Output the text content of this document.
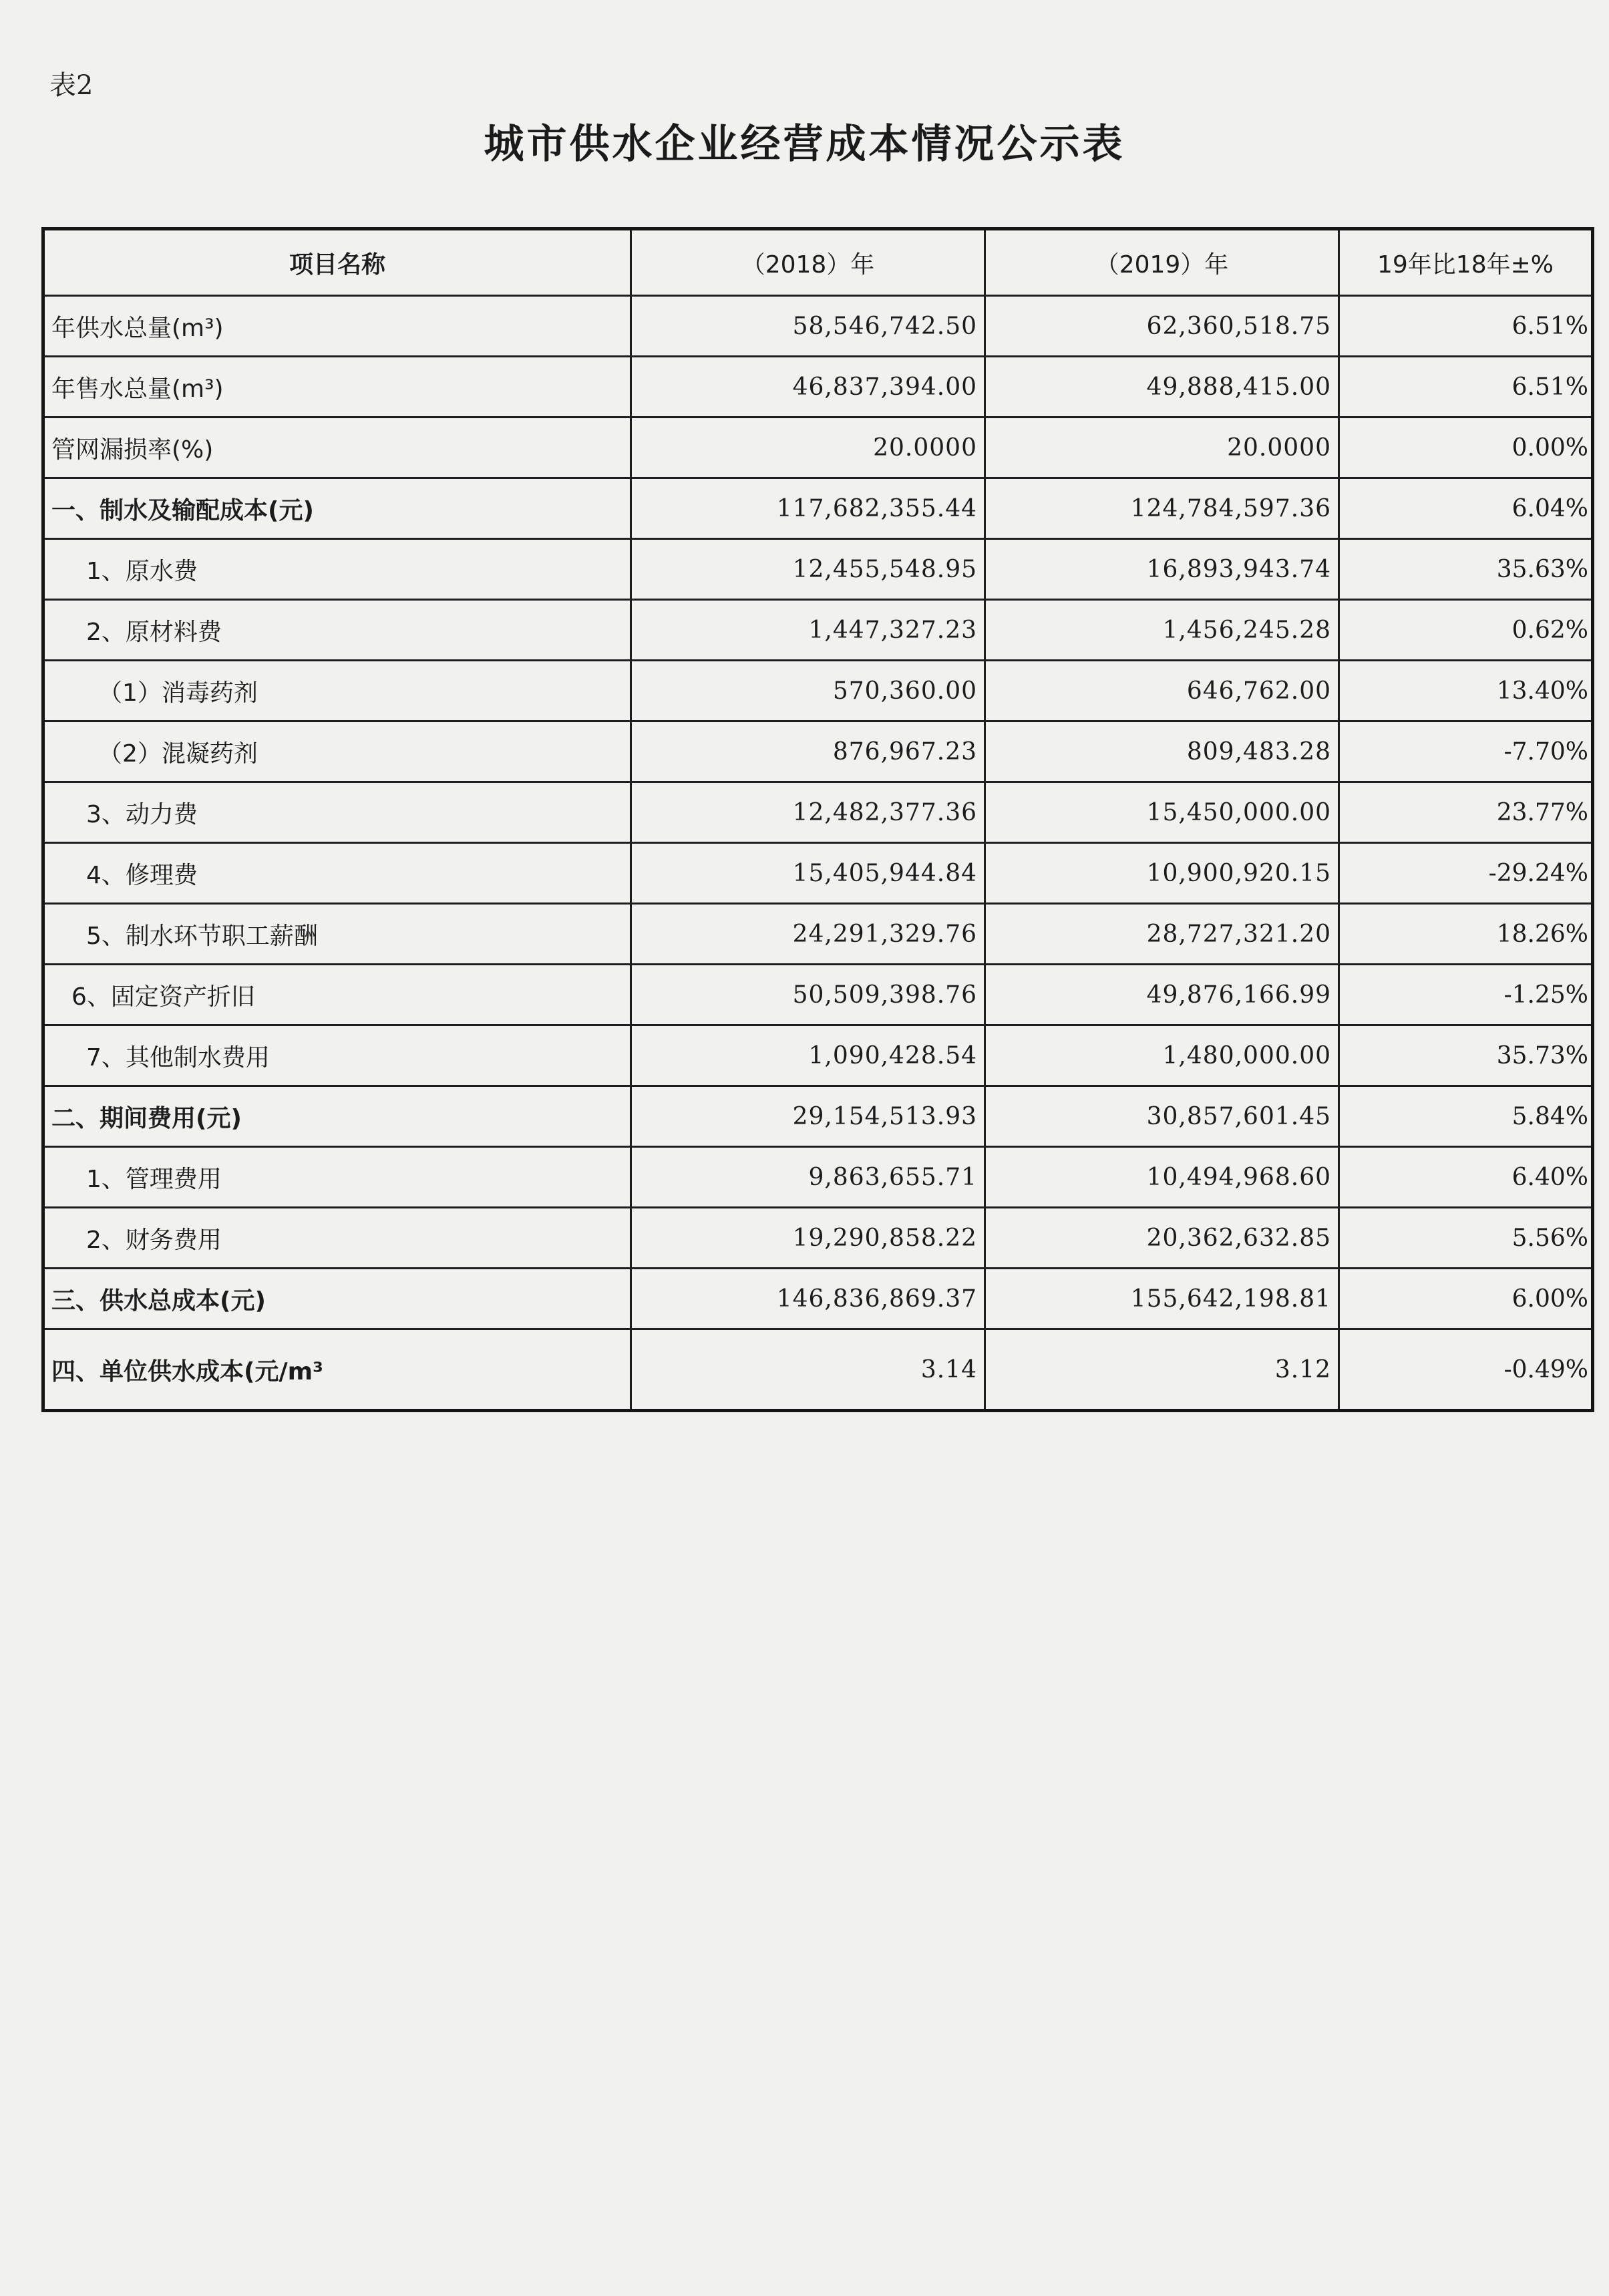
表2
城市供水企业经营成本情况公示表
项目名称	（2018）年	（2019）年	19年比18年±%
年供水总量(m³)	58,546,742.50	62,360,518.75	6.51%
年售水总量(m³)	46,837,394.00	49,888,415.00	6.51%
管网漏损率(%)	20.0000	20.0000	0.00%
一、制水及输配成本(元)	117,682,355.44	124,784,597.36	6.04%
1、原水费	12,455,548.95	16,893,943.74	35.63%
2、原材料费	1,447,327.23	1,456,245.28	0.62%
（1）消毒药剂	570,360.00	646,762.00	13.40%
（2）混凝药剂	876,967.23	809,483.28	-7.70%
3、动力费	12,482,377.36	15,450,000.00	23.77%
4、修理费	15,405,944.84	10,900,920.15	-29.24%
5、制水环节职工薪酬	24,291,329.76	28,727,321.20	18.26%
6、固定资产折旧	50,509,398.76	49,876,166.99	-1.25%
7、其他制水费用	1,090,428.54	1,480,000.00	35.73%
二、期间费用(元)	29,154,513.93	30,857,601.45	5.84%
1、管理费用	9,863,655.71	10,494,968.60	6.40%
2、财务费用	19,290,858.22	20,362,632.85	5.56%
三、供水总成本(元)	146,836,869.37	155,642,198.81	6.00%
四、单位供水成本(元/m³	3.14	3.12	-0.49%
